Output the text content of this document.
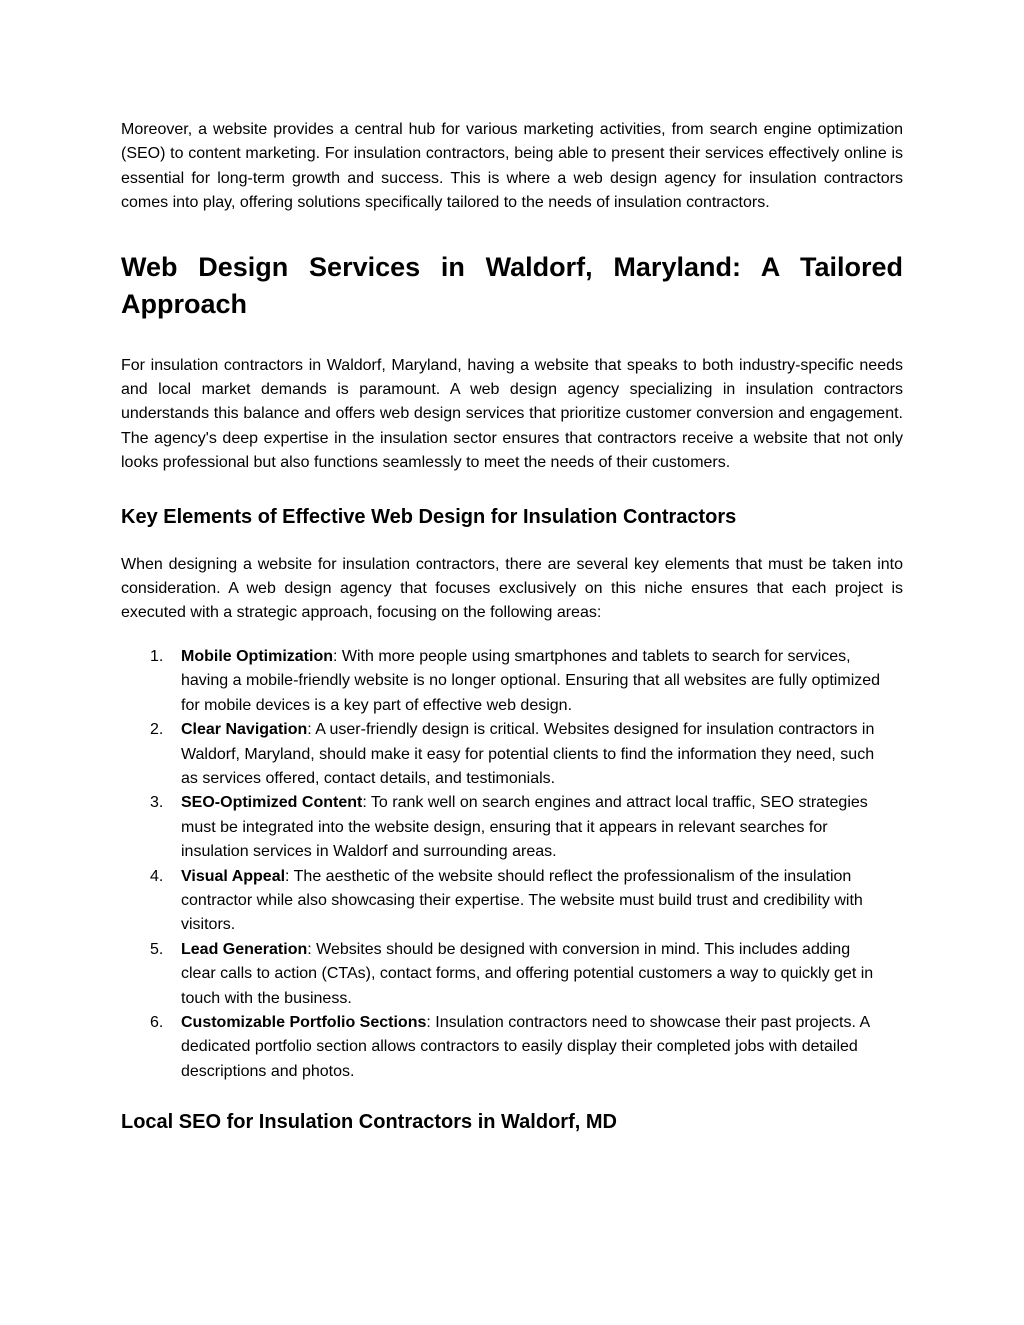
Moreover, a website provides a central hub for various marketing activities, from search engine optimization (SEO) to content marketing. For insulation contractors, being able to present their services effectively online is essential for long-term growth and success. This is where a web design agency for insulation contractors comes into play, offering solutions specifically tailored to the needs of insulation contractors.

Web Design Services in Waldorf, Maryland: A Tailored Approach

For insulation contractors in Waldorf, Maryland, having a website that speaks to both industry-specific needs and local market demands is paramount. A web design agency specializing in insulation contractors understands this balance and offers web design services that prioritize customer conversion and engagement. The agency's deep expertise in the insulation sector ensures that contractors receive a website that not only looks professional but also functions seamlessly to meet the needs of their customers.

Key Elements of Effective Web Design for Insulation Contractors

When designing a website for insulation contractors, there are several key elements that must be taken into consideration. A web design agency that focuses exclusively on this niche ensures that each project is executed with a strategic approach, focusing on the following areas:

1. Mobile Optimization: With more people using smartphones and tablets to search for services, having a mobile-friendly website is no longer optional. Ensuring that all websites are fully optimized for mobile devices is a key part of effective web design.
2. Clear Navigation: A user-friendly design is critical. Websites designed for insulation contractors in Waldorf, Maryland, should make it easy for potential clients to find the information they need, such as services offered, contact details, and testimonials.
3. SEO-Optimized Content: To rank well on search engines and attract local traffic, SEO strategies must be integrated into the website design, ensuring that it appears in relevant searches for insulation services in Waldorf and surrounding areas.
4. Visual Appeal: The aesthetic of the website should reflect the professionalism of the insulation contractor while also showcasing their expertise. The website must build trust and credibility with visitors.
5. Lead Generation: Websites should be designed with conversion in mind. This includes adding clear calls to action (CTAs), contact forms, and offering potential customers a way to quickly get in touch with the business.
6. Customizable Portfolio Sections: Insulation contractors need to showcase their past projects. A dedicated portfolio section allows contractors to easily display their completed jobs with detailed descriptions and photos.
Local SEO for Insulation Contractors in Waldorf, MD
